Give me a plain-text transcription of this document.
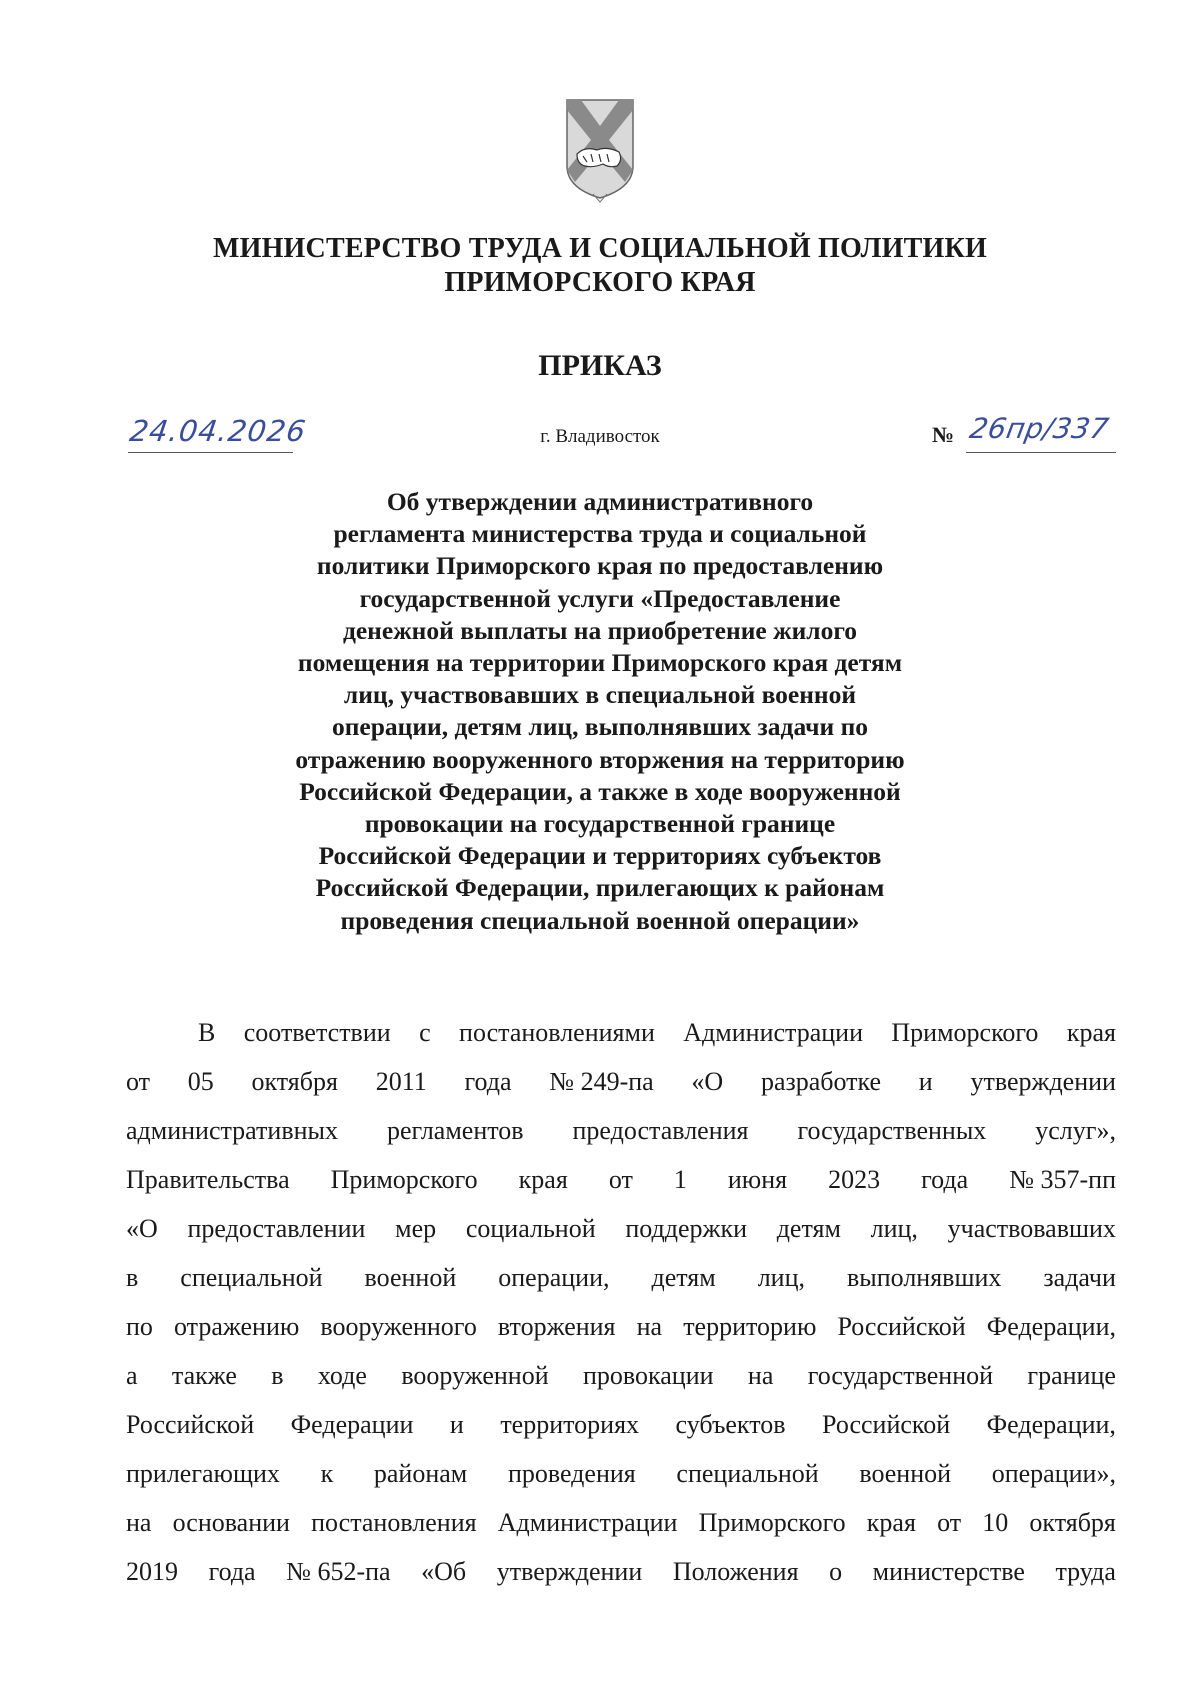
МИНИСТЕРСТВО ТРУДА И СОЦИАЛЬНОЙ ПОЛИТИКИ
ПРИМОРСКОГО КРАЯ
ПРИКАЗ
24.04.2026	г. Владивосток	№ 26пр/337
Об утверждении административного
регламента министерства труда и социальной
политики Приморского края по предоставлению
государственной услуги «Предоставление
денежной выплаты на приобретение жилого
помещения на территории Приморского края детям
лиц, участвовавших в специальной военной
операции, детям лиц, выполнявших задачи по
отражению вооруженного вторжения на территорию
Российской Федерации, а также в ходе вооруженной
провокации на государственной границе
Российской Федерации и территориях субъектов
Российской Федерации, прилегающих к районам
проведения специальной военной операции»
В соответствии с постановлениями Администрации Приморского края
от 05 октября 2011 года № 249-па «О разработке и утверждении
административных регламентов предоставления государственных услуг»,
Правительства Приморского края от 1 июня 2023 года № 357-пп
«О предоставлении мер социальной поддержки детям лиц, участвовавших
в специальной военной операции, детям лиц, выполнявших задачи
по отражению вооруженного вторжения на территорию Российской Федерации,
а также в ходе вооруженной провокации на государственной границе
Российской Федерации и территориях субъектов Российской Федерации,
прилегающих к районам проведения специальной военной операции»,
на основании постановления Администрации Приморского края от 10 октября
2019 года № 652-па «Об утверждении Положения о министерстве труда
